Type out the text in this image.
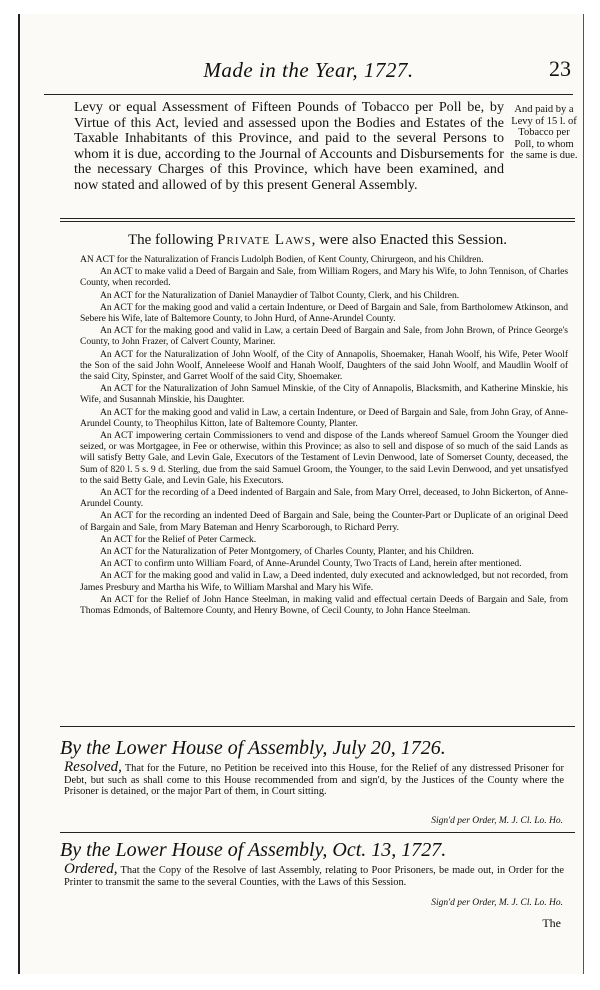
Made in the Year, 1727.	23

Levy or equal Assessment of Fifteen Pounds of Tobacco per Poll be, by Virtue of this Act, levied and assessed upon the Bodies and Estates of the Taxable Inhabitants of this Province, and paid to the several Persons to whom it is due, according to the Journal of Accounts and Disbursements for the necessary Charges of this Province, which have been examined, and now stated and allowed of by this present General Assembly.

And paid by a Levy of 15 l. of Tobacco per Poll, to whom the same is due.

The following Private Laws, were also Enacted this Session.

AN ACT for the Naturalization of Francis Ludolph Bodien, of Kent County, Chirurgeon, and his Children.

An ACT to make valid a Deed of Bargain and Sale, from William Rogers, and Mary his Wife, to John Tennison, of Charles County, when recorded.

An ACT for the Naturalization of Daniel Manaydier of Talbot County, Clerk, and his Children.

An ACT for the making good and valid a certain Indenture, or Deed of Bargain and Sale, from Bartholomew Atkinson, and Sebere his Wife, late of Baltemore County, to John Hurd, of Anne-Arundel County.

An ACT for the making good and valid in Law, a certain Deed of Bargain and Sale, from John Brown, of Prince George's County, to John Frazer, of Calvert County, Mariner.

An ACT for the Naturalization of John Woolf, of the City of Annapolis, Shoemaker, Hanah Woolf, his Wife, Peter Woolf the Son of the said John Woolf, Anneleese Woolf and Hanah Woolf, Daughters of the said John Woolf, and Maudlin Woolf of the said City, Spinster, and Garret Woolf of the said City, Shoemaker.

An ACT for the Naturalization of John Samuel Minskie, of the City of Annapolis, Blacksmith, and Katherine Minskie, his Wife, and Susannah Minskie, his Daughter.

An ACT for the making good and valid in Law, a certain Indenture, or Deed of Bargain and Sale, from John Gray, of Anne-Arundel County, to Theophilus Kitton, late of Baltemore County, Planter.

An ACT impowering certain Commissioners to vend and dispose of the Lands whereof Samuel Groom the Younger died seized, or was Mortgagee, in Fee or otherwise, within this Province; as also to sell and dispose of so much of the said Lands as will satisfy Betty Gale, and Levin Gale, Executors of the Testament of Levin Denwood, late of Somerset County, deceased, the Sum of 820 l. 5 s. 9 d. Sterling, due from the said Samuel Groom, the Younger, to the said Levin Denwood, and yet unsatisfyed to the said Betty Gale, and Levin Gale, his Executors.

An ACT for the recording of a Deed indented of Bargain and Sale, from Mary Orrel, deceased, to John Bickerton, of Anne-Arundel County.

An ACT for the recording an indented Deed of Bargain and Sale, being the Counter-Part or Duplicate of an original Deed of Bargain and Sale, from Mary Bateman and Henry Scarborough, to Richard Perry.

An ACT for the Relief of Peter Carmeck.

An ACT for the Naturalization of Peter Montgomery, of Charles County, Planter, and his Children.

An ACT to confirm unto William Foard, of Anne-Arundel County, Two Tracts of Land, herein after mentioned.

An ACT for the making good and valid in Law, a Deed indented, duly executed and acknowledged, but not recorded, from James Presbury and Martha his Wife, to William Marshal and Mary his Wife.

An ACT for the Relief of John Hance Steelman, in making valid and effectual certain Deeds of Bargain and Sale, from Thomas Edmonds, of Baltemore County, and Henry Bowne, of Cecil County, to John Hance Steelman.

By the Lower House of Assembly, July 20, 1726.

Resolved, That for the Future, no Petition be received into this House, for the Relief of any distressed Prisoner for Debt, but such as shall come to this House recommended from and sign'd, by the Justices of the County where the Prisoner is detained, or the major Part of them, in Court sitting.

Sign'd per Order, M. J. Cl. Lo. Ho.
By the Lower House of Assembly, Oct. 13, 1727.

Ordered, That the Copy of the Resolve of last Assembly, relating to Poor Prisoners, be made out, in Order for the Printer to transmit the same to the several Counties, with the Laws of this Session.

Sign'd per Order, M. J. Cl. Lo. Ho.
The
